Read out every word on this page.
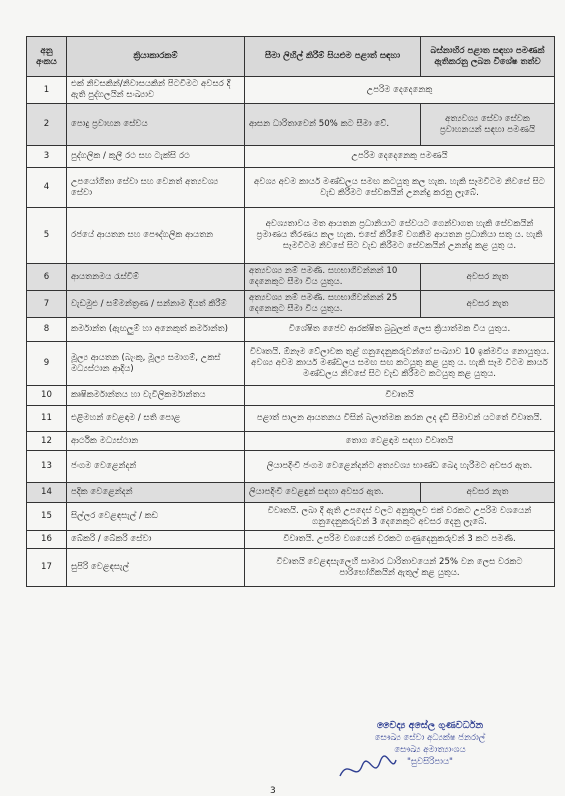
අනු අංකය	ක්‍රියාකාරකම්	සීමා ලිහිල් කිරීම් සියළුම පළාත් සඳහා	බස්නාහිර පළාත සඳහා පමණක් ඇතිකරනු ලබන විශේෂ තත්ව
1	එක් නිවසකින්/නිවාසයකින් පිටවීමට අවසර දී ඇති පුද්ගලයින් සංඛ්‍යාව	උපරිම දෙදෙනෙකු	
2	පොදු ප්‍රවාහන සේවය	ආසන ධාරිතාවෙන් 50% කට සීමා වේ.	අත්‍යවශ්‍ය සේවා සේවක ප්‍රවාහනයන් සඳහා පමණයි
3	පුද්ගලික / කුලී රථ සහ ටැක්සි රථ	උපරිම දෙදෙනෙකු පමණයි	
4	උපයෝගිතා සේවා සහ වෙනත් අත්‍යවශ්‍ය සේවා	අවශ්‍ය අවම කාර්ය මණ්ඩලය සමඟ කටයුතු කල හැක. හැකි සෑමවිටම නිවසේ සිට වැඩ කිරීමට සේවකයින් උනන්දු කරනු ලැබේ.	
5	රජයේ ආයතන සහ පෞද්ගලික ආයතන	අවශ්‍යතාවය මත ආයතන ප්‍රධානියාට සේවයට ගෙන්වාගත හැකි සේවකයින් ප්‍රමාණය තීරණය කල හැක. එසේ කිරීමේ වගකීම ආයතන ප්‍රධානියා සතු ය. හැකි සෑමවිටම නිවසේ සිට වැඩ කිරීමට සේවකයින් උනන්දු කළ යුතු ය.	
6	ආයතනමය රැස්වීම්	අත්‍යවශ්‍ය නම් පමණි. සහභාගිවන්නන් 10 දෙනෙකුට සීමා විය යුතුය.	අවසර නැත
7	වැඩමුළු / සම්මන්ත්‍රණ / සන්නාම දියත් කිරීම්	අත්‍යවශ්‍ය නම් පමණි. සහභාගිවන්නන් 25 දෙනෙකුට සීමා විය යුතුය.	අවසර නැත
8	කර්මාන්ත (ඇඟලුම් හා අනෙකුත් කර්මාන්ත)	විශේෂිත ජෛව ආරක්ෂිත බුබුලක් ලෙස ක්‍රියාත්මක විය යුතුය.	
9	මූල්‍ය ආයතන (බැංකු, මූල්‍ය සමාගම්, උකස් මධ්‍යස්ථාන ආදිය)	විවෘතයි. ඕනෑම වේලාවක තුළ් ගනුදෙනුකරුවන්ගේ සංඛ්‍යාව 10 ඉක්මවිය නොයුතුය. අවශ්‍ය අවම කාර්ය මණ්ඩලය සමඟ සඟ කටයුතු කළ යුතු ය. හැකි සෑම විටම කාර්ය මණ්ඩලය නිවසේ සිට වැඩ කිරීමට කටයුතු කළ යුතුය.	
10	කෘෂිකර්මාන්තය හා වැවිලිකර්මාන්තය	විවෘතයි	
11	එළිමහන් වෙළඳාම / සති පොළ	පළාත් පාලන ආයතනය විසින් බලාත්මක කරන ලද දැඩි සීමාවන් යටතේ විවෘතයි.	
12	ආර්ථික මධ්‍යස්ථාන	තොග වෙළඳාම සඳහා විවෘතයි	
13	ජංගම වෙළෙන්දන්	ලියාපදිංචි ජංගම වෙළෙන්දන්ට අත්‍යවශ්‍ය භාණ්ඩ බෙදා හැරීමට අවසර ඇත.	
14	පදික වෙළෙන්දන්	ලියාපදිංචි වෙළඳුන් සඳහා අවසර ඇත.	අවසර නැත
15	සිල්ලර වෙළඳසැල් / කඩ	විවෘතයි. ලබා දී ඇති උපදෙස් වලට අනුකූලව එක් වරකට උපරිම වශයෙන් ගනුදෙනුකරුවන් 3 දෙනෙකුට අවසර දෙනු ලැබේ.	
16	බේකරි / බේකරි සේවා	විවෘතයි. උපරිම වශයෙන් වරකට ගණුදෙනුකරුවන් 3 කට පමණි.	
17	සුපිරි වෙළඳසැල්	විවෘතයි වෙළඳසැලෙහි සාමාර ධාරිතාවයෙන් 25% වන ලෙස වරකට පාරිභෝගිකයින් ඇතුල් කළ යුතුය.	
වෛද්‍ය අසේල ගුණවර්ධන
සෞඛ්‍ය සේවා අධ්‍යක්ෂ ජනරාල්
සෞඛ්‍ය අමාත්‍යාංශය
"සුවසිරිපාය"
3
